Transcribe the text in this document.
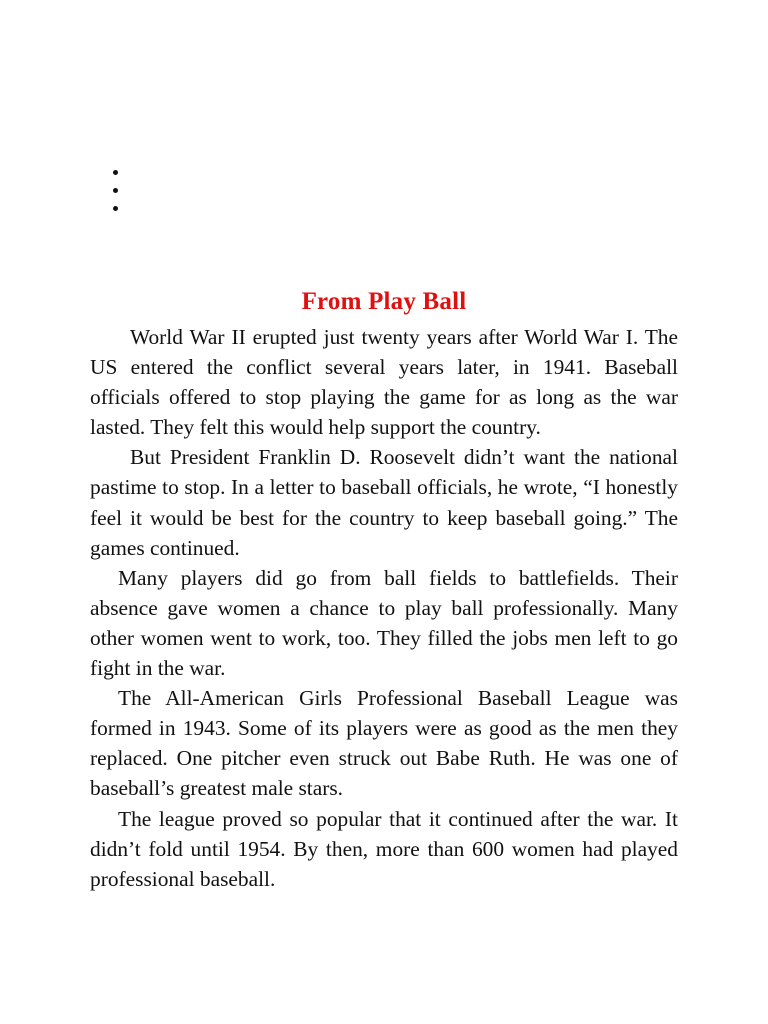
From Play Ball

World War II erupted just twenty years after World War I. The US entered the conflict several years later, in 1941. Baseball officials offered to stop playing the game for as long as the war lasted. They felt this would help support the country.

But President Franklin D. Roosevelt didn’t want the national pastime to stop. In a letter to baseball officials, he wrote, “I honestly feel it would be best for the country to keep baseball going.” The games continued.

Many players did go from ball fields to battlefields. Their absence gave women a chance to play ball professionally. Many other women went to work, too. They filled the jobs men left to go fight in the war.

The All-American Girls Professional Baseball League was formed in 1943. Some of its players were as good as the men they replaced. One pitcher even struck out Babe Ruth. He was one of baseball’s greatest male stars.

The league proved so popular that it continued after the war. It didn’t fold until 1954. By then, more than 600 women had played professional baseball.
